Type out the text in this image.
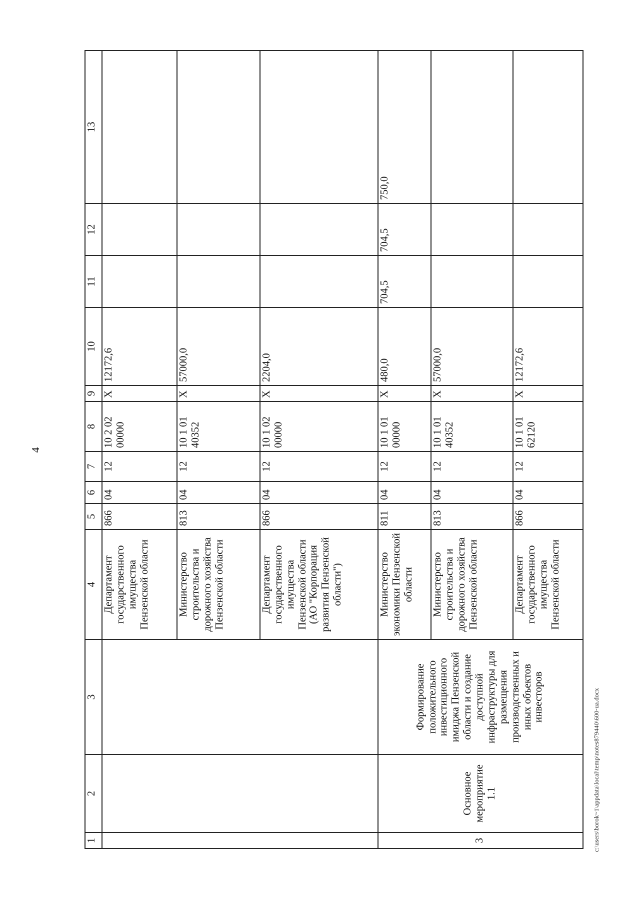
4
c:\users\borok~1\appdata\local\temp\notes879440\600-ua.docx
1	2	3	4	5	6	7	8	9	10	11	12	13
			Департамент государственного имущества Пензенской области	866	04	12	10 2 02 00000	X	12172,6			
			Министерство строительства и дорожного хозяйства Пензенской области	813	04	12	10 1 01 40352	X	57000,0			
			Департамент государственного имущества Пензенской области (АО "Корпорация развития Пензенской области")	866	04	12	10 1 02 00000	X	2204,0			
3	Основное мероприятие 1.1	Формирование положительного инвестиционного имиджа Пензенской области и создание доступной инфраструктуры для размещения производственных и иных объектов инвесторов	Министерство экономики Пензенской области	811	04	12	10 1 01 00000	X	480,0	704,5	704,5	750,0
			Министерство строительства и дорожного хозяйства Пензенской области	813	04	12	10 1 01 40352	X	57000,0			
			Департамент государственного имущества Пензенской области	866	04	12	10 1 01 62120	X	12172,6			
